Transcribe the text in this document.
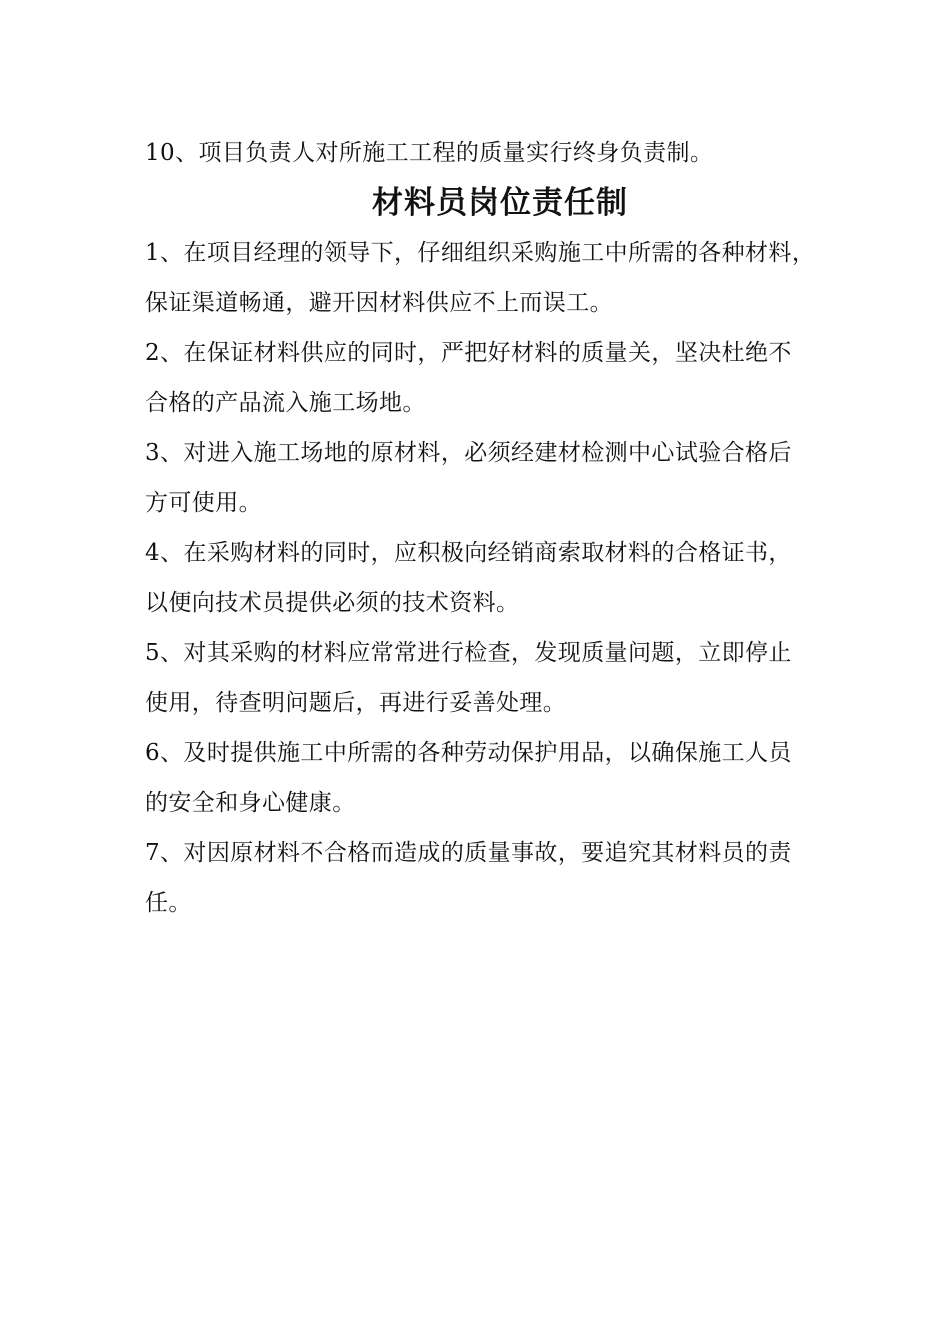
10、项目负责人对所施工工程的质量实行终身负责制。
材料员岗位责任制
1、在项目经理的领导下，仔细组织采购施工中所需的各种材料，
保证渠道畅通，避开因材料供应不上而误工。
2、在保证材料供应的同时，严把好材料的质量关，坚决杜绝不
合格的产品流入施工场地。
3、对进入施工场地的原材料，必须经建材检测中心试验合格后
方可使用。
4、在采购材料的同时，应积极向经销商索取材料的合格证书，
以便向技术员提供必须的技术资料。
5、对其采购的材料应常常进行检查，发现质量问题，立即停止
使用，待查明问题后，再进行妥善处理。
6、及时提供施工中所需的各种劳动保护用品，以确保施工人员
的安全和身心健康。
7、对因原材料不合格而造成的质量事故，要追究其材料员的责
任。
